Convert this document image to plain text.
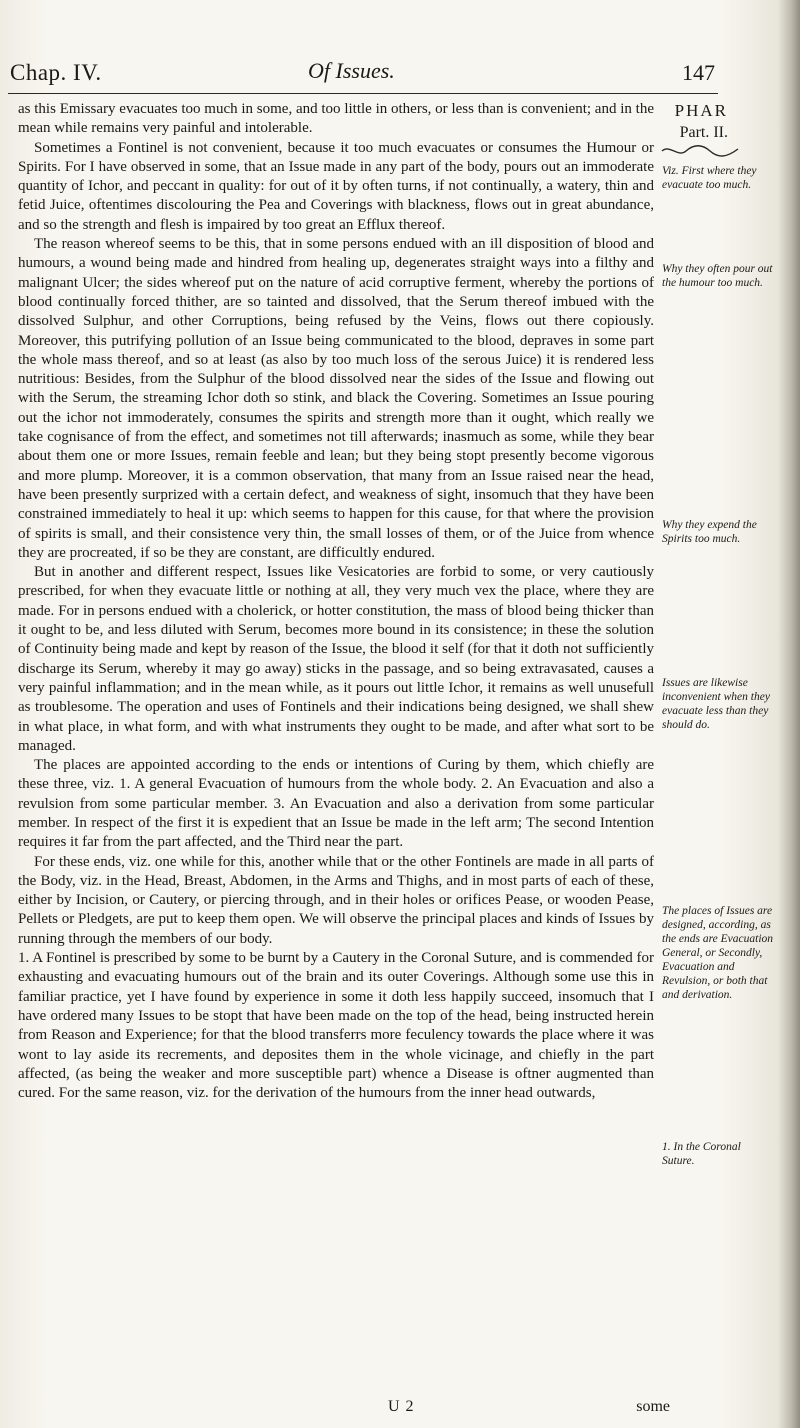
Chap. IV.	Of Issues.	147
PHAR
Part. II.
Viz. First where they evacuate too much.
Why they often pour out the humour too much.
Why they expend the Spirits too much.
Issues are likewise inconvenient when they evacuate less than they should do.
The places of Issues are designed, according, as the ends are Evacuation General, or Secondly, Evacuation and Revulsion, or both that and derivation.
1. In the Coronal Suture.

as this Emissary evacuates too much in some, and too little in others, or less than is convenient; and in the mean while remains very painful and intolerable.

Sometimes a Fontinel is not convenient, because it too much evacuates or consumes the Humour or Spirits. For I have observed in some, that an Issue made in any part of the body, pours out an immoderate quantity of Ichor, and peccant in quality: for out of it by often turns, if not continually, a watery, thin and fetid Juice, oftentimes discolouring the Pea and Coverings with blackness, flows out in great abundance, and so the strength and flesh is impaired by too great an Efflux thereof.

The reason whereof seems to be this, that in some persons endued with an ill disposition of blood and humours, a wound being made and hindred from healing up, degenerates straight ways into a filthy and malignant Ulcer; the sides whereof put on the nature of acid corruptive ferment, whereby the portions of blood continually forced thither, are so tainted and dissolved, that the Serum thereof imbued with the dissolved Sulphur, and other Corruptions, being refused by the Veins, flows out there copiously. Moreover, this putrifying pollution of an Issue being communicated to the blood, depraves in some part the whole mass thereof, and so at least (as also by too much loss of the serous Juice) it is rendered less nutritious: Besides, from the Sulphur of the blood dissolved near the sides of the Issue and flowing out with the Serum, the streaming Ichor doth so stink, and black the Covering. Sometimes an Issue pouring out the ichor not immoderately, consumes the spirits and strength more than it ought, which really we take cognisance of from the effect, and sometimes not till afterwards; inasmuch as some, while they bear about them one or more Issues, remain feeble and lean; but they being stopt presently become vigorous and more plump. Moreover, it is a common observation, that many from an Issue raised near the head, have been presently surprized with a certain defect, and weakness of sight, insomuch that they have been constrained immediately to heal it up: which seems to happen for this cause, for that where the provision of spirits is small, and their consistence very thin, the small losses of them, or of the Juice from whence they are procreated, if so be they are constant, are difficultly endured.

But in another and different respect, Issues like Vesicatories are forbid to some, or very cautiously prescribed, for when they evacuate little or nothing at all, they very much vex the place, where they are made. For in persons endued with a cholerick, or hotter constitution, the mass of blood being thicker than it ought to be, and less diluted with Serum, becomes more bound in its consistence; in these the solution of Continuity being made and kept by reason of the Issue, the blood it self (for that it doth not sufficiently discharge its Serum, whereby it may go away) sticks in the passage, and so being extravasated, causes a very painful inflammation; and in the mean while, as it pours out little Ichor, it remains as well unusefull as troublesome. The operation and uses of Fontinels and their indications being designed, we shall shew in what place, in what form, and with what instruments they ought to be made, and after what sort to be managed.

The places are appointed according to the ends or intentions of Curing by them, which chiefly are these three, viz. 1. A general Evacuation of humours from the whole body. 2. An Evacuation and also a revulsion from some particular member. 3. An Evacuation and also a derivation from some particular member. In respect of the first it is expedient that an Issue be made in the left arm; The second Intention requires it far from the part affected, and the Third near the part.

For these ends, viz. one while for this, another while that or the other Fontinels are made in all parts of the Body, viz. in the Head, Breast, Abdomen, in the Arms and Thighs, and in most parts of each of these, either by Incision, or Cautery, or piercing through, and in their holes or orifices Pease, or wooden Pease, Pellets or Pledgets, are put to keep them open. We will observe the principal places and kinds of Issues by running through the members of our body.

1. A Fontinel is prescribed by some to be burnt by a Cautery in the Coronal Suture, and is commended for exhausting and evacuating humours out of the brain and its outer Coverings. Although some use this in familiar practice, yet I have found by experience in some it doth less happily succeed, insomuch that I have ordered many Issues to be stopt that have been made on the top of the head, being instructed herein from Reason and Experience; for that the blood transferrs more feculency towards the place where it was wont to lay aside its recrements, and deposites them in the whole vicinage, and chiefly in the part affected, (as being the weaker and more susceptible part) whence a Disease is oftner augmented than cured. For the same reason, viz. for the derivation of the humours from the inner head outwards,

U 2	some
